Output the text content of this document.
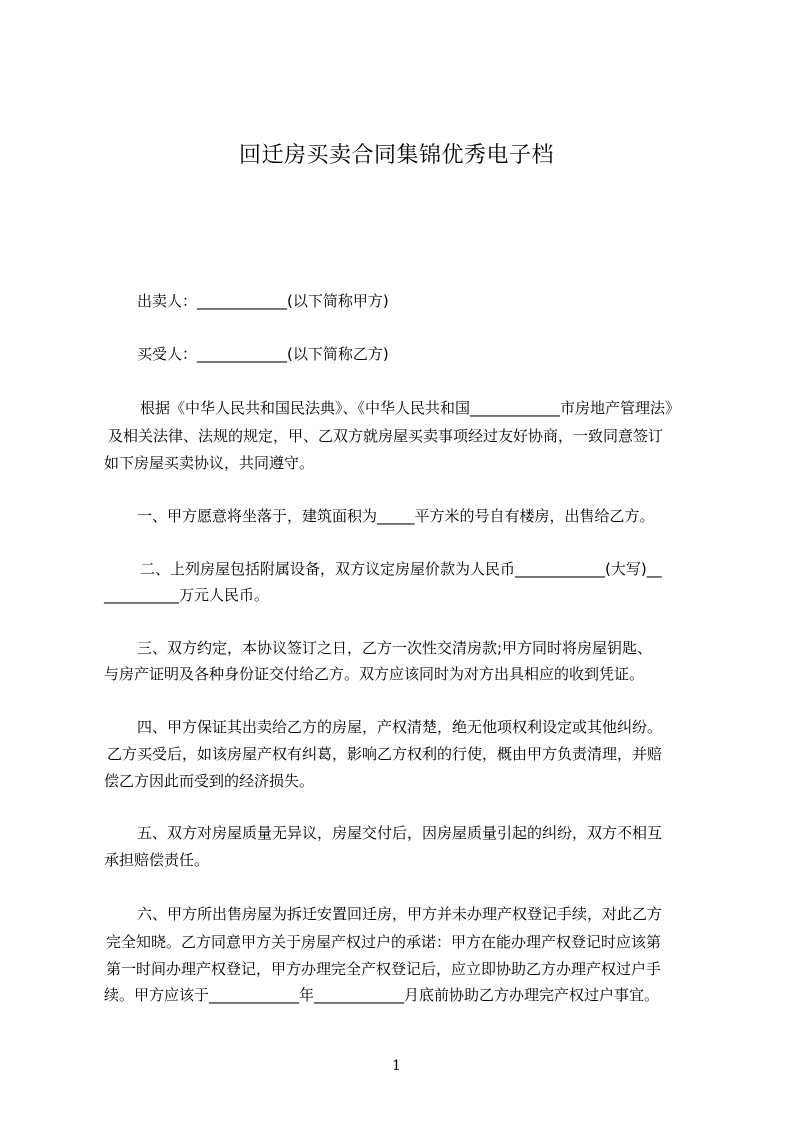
回迁房买卖合同集锦优秀电子档
出卖人：____________(以下简称甲方)
买受人：____________(以下简称乙方)
根据《中华人民共和国民法典》、《中华人民共和国____________市房地产管理法》
及相关法律、法规的规定，甲、乙双方就房屋买卖事项经过友好协商，一致同意签订
如下房屋买卖协议，共同遵守。
一、甲方愿意将坐落于，建筑面积为_____平方米的号自有楼房，出售给乙方。
二、上列房屋包括附属设备，双方议定房屋价款为人民币____________(大写)__
__________万元人民币。
三、双方约定，本协议签订之日，乙方一次性交清房款;甲方同时将房屋钥匙、
与房产证明及各种身份证交付给乙方。双方应该同时为对方出具相应的收到凭证。
四、甲方保证其出卖给乙方的房屋，产权清楚，绝无他项权利设定或其他纠纷。
乙方买受后，如该房屋产权有纠葛，影响乙方权利的行使，概由甲方负责清理，并赔
偿乙方因此而受到的经济损失。
五、双方对房屋质量无异议，房屋交付后，因房屋质量引起的纠纷，双方不相互
承担赔偿责任。
六、甲方所出售房屋为拆迁安置回迁房，甲方并未办理产权登记手续，对此乙方
完全知晓。乙方同意甲方关于房屋产权过户的承诺：甲方在能办理产权登记时应该第
第一时间办理产权登记，甲方办理完全产权登记后，应立即协助乙方办理产权过户手
续。甲方应该于____________年____________月底前协助乙方办理完产权过户事宜。
1
